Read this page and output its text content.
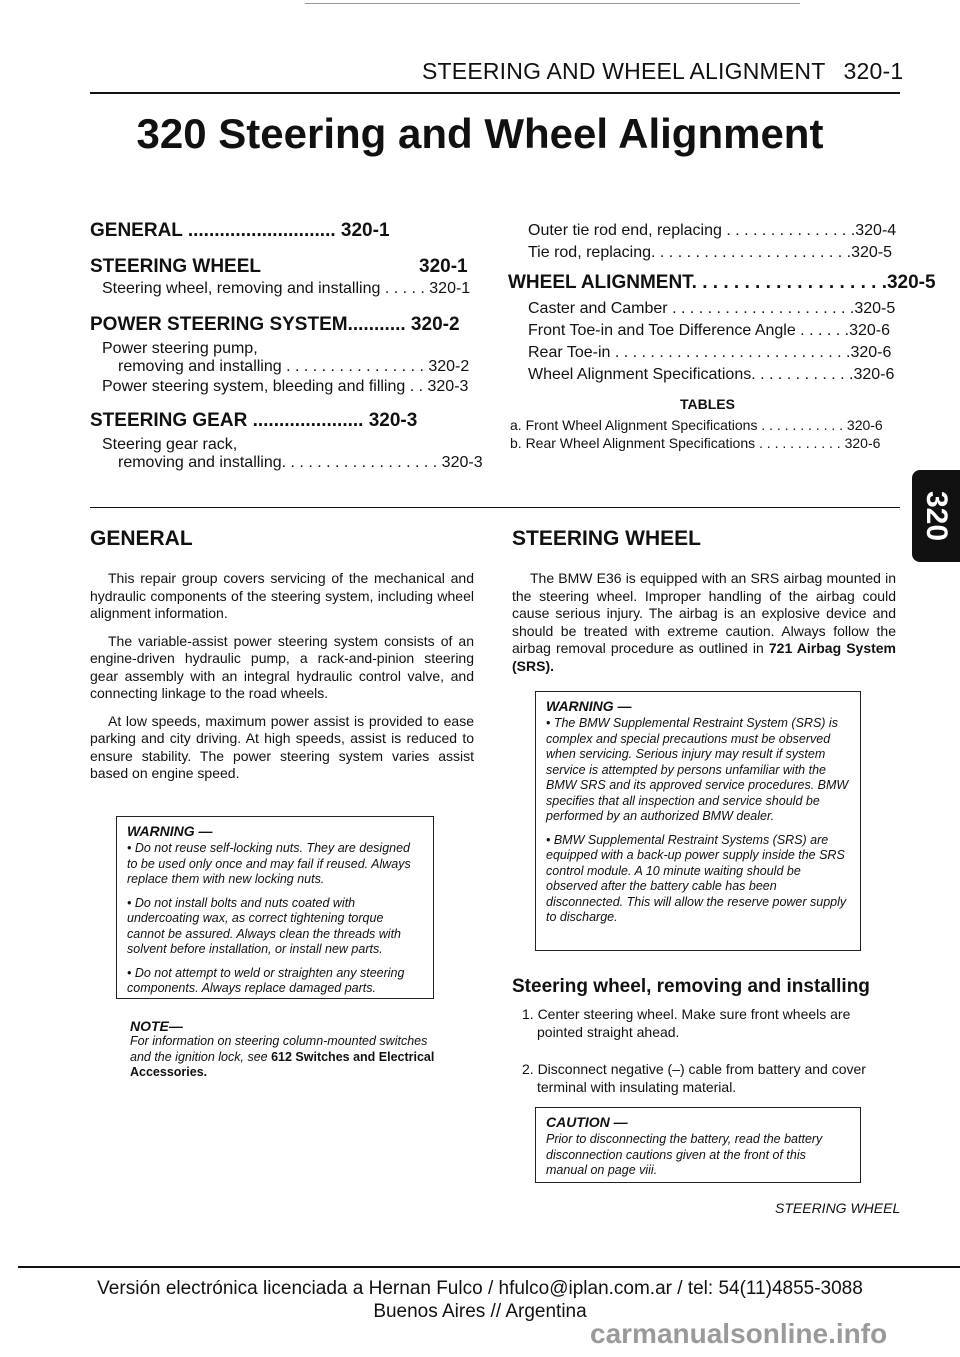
STEERING AND WHEEL ALIGNMENT 320-1
320 Steering and Wheel Alignment
GENERAL ............................ 320-1
STEERING WHEEL                              320-1
Steering wheel, removing and installing . . . . . 320-1
POWER STEERING SYSTEM........... 320-2
Power steering pump,
removing and installing . . . . . . . . . . . . . . . . 320-2
Power steering system, bleeding and filling . . 320-3
STEERING GEAR ..................... 320-3
Steering gear rack,
removing and installing. . . . . . . . . . . . . . . . . . 320-3
Outer tie rod end, replacing . . . . . . . . . . . . . . .320-4
Tie rod, replacing. . . . . . . . . . . . . . . . . . . . . . .320-5
WHEEL ALIGNMENT. . . . . . . . . . . . . . . . . . .320-5
Caster and Camber . . . . . . . . . . . . . . . . . . . . .320-5
Front Toe-in and Toe Difference Angle . . . . . .320-6
Rear Toe-in . . . . . . . . . . . . . . . . . . . . . . . . . . .320-6
Wheel Alignment Specifications. . . . . . . . . . . .320-6
TABLES
a. Front Wheel Alignment Specifications . . . . . . . . . . . 320-6
b. Rear Wheel Alignment Specifications . . . . . . . . . . . 320-6
320
GENERAL

This repair group covers servicing of the mechanical and hydraulic components of the steering system, including wheel alignment information.

The variable-assist power steering system consists of an engine-driven hydraulic pump, a rack-and-pinion steering gear assembly with an integral hydraulic control valve, and connecting linkage to the road wheels.

At low speeds, maximum power assist is provided to ease parking and city driving. At high speeds, assist is reduced to ensure stability. The power steering system varies assist based on engine speed.

WARNING —

• Do not reuse self-locking nuts. They are designed to be used only once and may fail if reused. Always replace them with new locking nuts.

• Do not install bolts and nuts coated with undercoating wax, as correct tightening torque cannot be assured. Always clean the threads with solvent before installation, or install new parts.

• Do not attempt to weld or straighten any steering components. Always replace damaged parts.

NOTE—
For information on steering column-mounted switches and the ignition lock, see 612 Switches and Electrical Accessories.
STEERING WHEEL

The BMW E36 is equipped with an SRS airbag mounted in the steering wheel. Improper handling of the airbag could cause serious injury. The airbag is an explosive device and should be treated with extreme caution. Always follow the airbag removal procedure as outlined in 721 Airbag System (SRS).

WARNING —

• The BMW Supplemental Restraint System (SRS) is complex and special precautions must be observed when servicing. Serious injury may result if system service is attempted by persons unfamiliar with the BMW SRS and its approved service procedures. BMW specifies that all inspection and service should be performed by an authorized BMW dealer.

• BMW Supplemental Restraint Systems (SRS) are equipped with a back-up power supply inside the SRS control module. A 10 minute waiting should be observed after the battery cable has been disconnected. This will allow the reserve power supply to discharge.

Steering wheel, removing and installing
1. Center steering wheel. Make sure front wheels are pointed straight ahead.
2. Disconnect negative (–) cable from battery and cover terminal with insulating material.
CAUTION —

Prior to disconnecting the battery, read the battery disconnection cautions given at the front of this manual on page viii.

STEERING WHEEL
Versión electrónica licenciada a Hernan Fulco / hfulco@iplan.com.ar / tel: 54(11)4855-3088
Buenos Aires // Argentina
carmanualsonline.info
